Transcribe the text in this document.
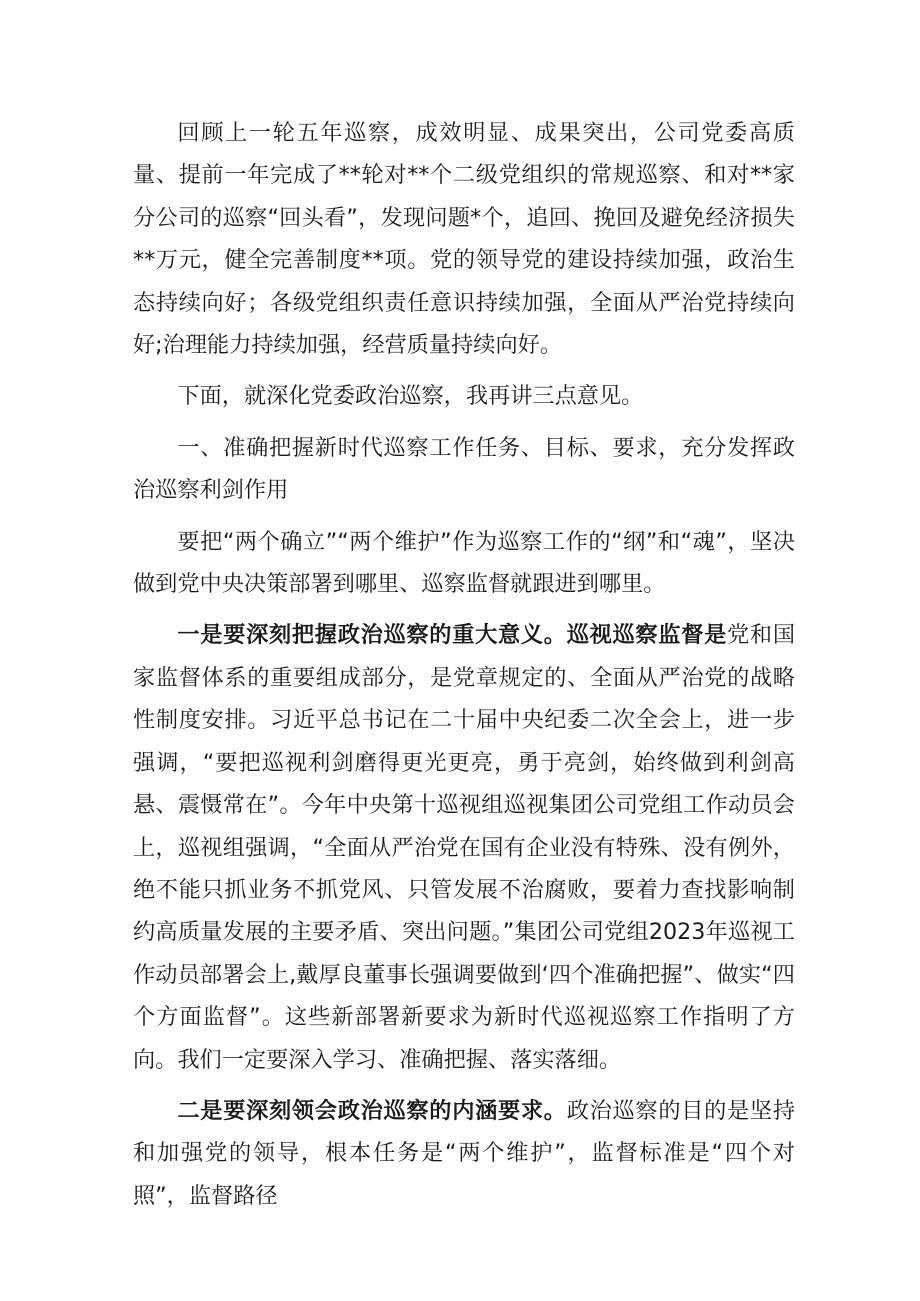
回顾上一轮五年巡察，成效明显、成果突出，公司党委高质量、提前一年完成了**轮对**个二级党组织的常规巡察、和对**家分公司的巡察“回头看”，发现问题*个，追回、挽回及避免经济损失**万元，健全完善制度**项。党的领导党的建设持续加强，政治生态持续向好；各级党组织责任意识持续加强，全面从严治党持续向好;治理能力持续加强，经营质量持续向好。

下面，就深化党委政治巡察，我再讲三点意见。

一、准确把握新时代巡察工作任务、目标、要求，充分发挥政治巡察利剑作用

要把“两个确立”“两个维护”作为巡察工作的“纲”和“魂”，坚决做到党中央决策部署到哪里、巡察监督就跟进到哪里。

一是要深刻把握政治巡察的重大意义。巡视巡察监督是党和国家监督体系的重要组成部分，是党章规定的、全面从严治党的战略性制度安排。习近平总书记在二十届中央纪委二次全会上，进一步强调，“要把巡视利剑磨得更光更亮，勇于亮剑，始终做到利剑高悬、震慑常在”。今年中央第十巡视组巡视集团公司党组工作动员会上，巡视组强调，“全面从严治党在国有企业没有特殊、没有例外，绝不能只抓业务不抓党风、只管发展不治腐败，要着力查找影响制约高质量发展的主要矛盾、突出问题。”集团公司党组2023年巡视工作动员部署会上,戴厚良董事长强调要做到‘四个准确把握”、做实“四个方面监督”。这些新部署新要求为新时代巡视巡察工作指明了方向。我们一定要深入学习、准确把握、落实落细。

二是要深刻领会政治巡察的内涵要求。政治巡察的目的是坚持和加强党的领导，根本任务是“两个维护”，监督标准是“四个对照”，监督路径
